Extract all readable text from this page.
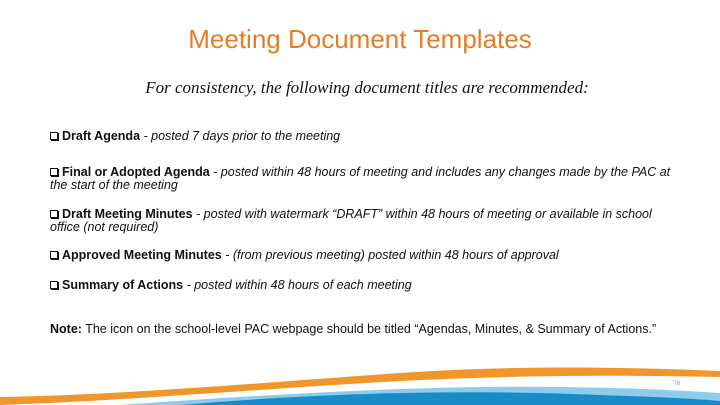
Meeting Document Templates
For consistency, the following document titles are recommended:
Draft Agenda - posted 7 days prior to the meeting
Final or Adopted Agenda - posted within 48 hours of meeting and includes any changes made by the PAC at the start of the meeting
Draft Meeting Minutes - posted with watermark “DRAFT” within 48 hours of meeting or available in school office (not required)
Approved Meeting Minutes - (from previous meeting) posted within 48 hours of approval
Summary of Actions - posted within 48 hours of each meeting
Note: The icon on the school-level PAC webpage should be titled “Agendas, Minutes, & Summary of Actions.”
76
